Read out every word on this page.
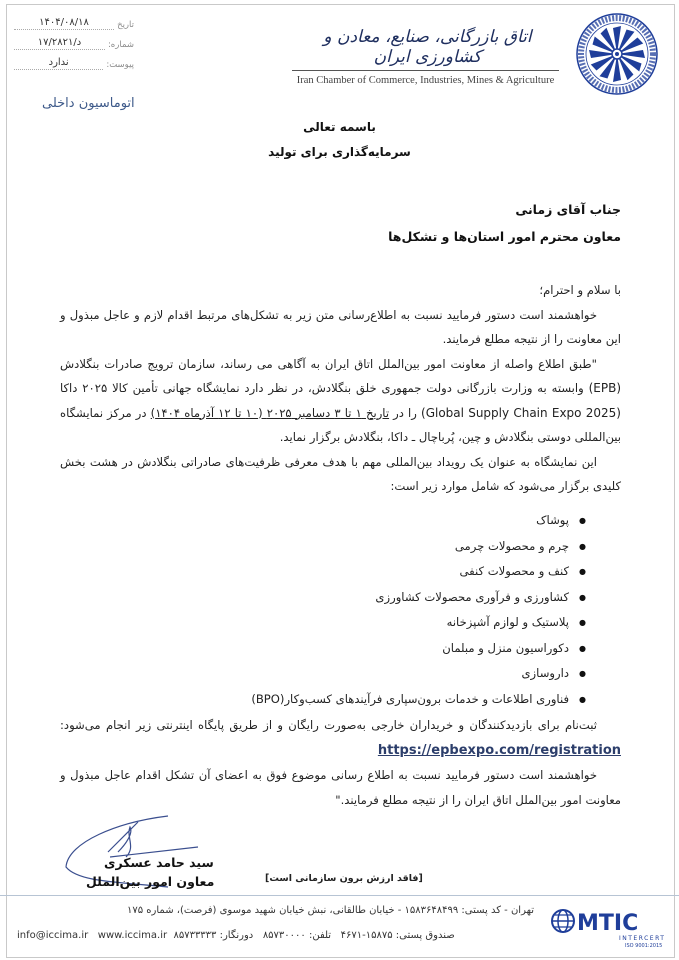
تاریخ
۱۴۰۴/۰۸/۱۸
شماره:
د/۱۷/۲۸۲۱
پیوست:
ندارد
اتوماسیون داخلی
اتاق بازرگانی، صنایع، معادن و کشاورزی ایران
Iran Chamber of Commerce, Industries, Mines & Agriculture
باسمه تعالی
سرمایه‌گذاری برای تولید
جناب آقای زمانی
معاون محترم امور استان‌ها و تشکل‌ها

با سلام و احترام؛

خواهشمند است دستور فرمایید نسبت به اطلاع‌رسانی متن زیر به تشکل‌های مرتبط اقدام لازم و عاجل مبذول و این معاونت را از نتیجه مطلع فرمایند.

"طبق اطلاع واصله از معاونت امور بین‌الملل اتاق ایران به آگاهی می رساند، سازمان ترویج صادرات بنگلادش (EPB) وابسته به وزارت بازرگانی دولت جمهوری خلق بنگلادش، در نظر دارد نمایشگاه جهانی تأمین کالا ۲۰۲۵ داکا (Global Supply Chain Expo 2025) را در تاریخ ۱ تا ۳ دسامبر ۲۰۲۵ (۱۰ تا ۱۲ آذرماه ۱۴۰۴) در مرکز نمایشگاه بین‌المللی دوستی بنگلادش و چین، پُرباچال ـ داکا، بنگلادش برگزار نماید.

این نمایشگاه به عنوان یک رویداد بین‌المللی مهم با هدف معرفی ظرفیت‌های صادراتی بنگلادش در هشت بخش کلیدی برگزار می‌شود که شامل موارد زیر است:

● پوشاک
● چرم و محصولات چرمی
● کنف و محصولات کنفی
● کشاورزی و فرآوری محصولات کشاورزی
● پلاستیک و لوازم آشپزخانه
● دکوراسیون منزل و مبلمان
● داروسازی
● فناوری اطلاعات و خدمات برون‌سپاری فرآیندهای کسب‌وکار(BPO)

ثبت‌نام برای بازدیدکنندگان و خریداران خارجی به‌صورت رایگان و از طریق پایگاه اینترنتی زیر انجام می‌شود: https://epbexpo.com/registration

خواهشمند است دستور فرمایید نسبت به اطلاع رسانی موضوع فوق به اعضای آن تشکل اقدام عاجل مبذول و معاونت امور بین‌الملل اتاق ایران را از نتیجه مطلع فرمایند."

سید حامد عسکری
معاون امور بین‌الملل	[فاقد ارزش برون سازمانی است]
تهران - کد پستی: ۱۵۸۳۶۴۸۴۹۹ - خیابان طالقانی، نبش خیابان شهید موسوی (فرصت)، شماره ۱۷۵
صندوق پستی: ۱۵۸۷۵-۴۶۷۱   تلفن: ۸۵۷۳۰۰۰۰   دورنگار: ۸۵۷۳۳۳۳۳  info@iccima.ir www.iccima.ir	MTIC
INTERCERT
ISO 9001:2015
